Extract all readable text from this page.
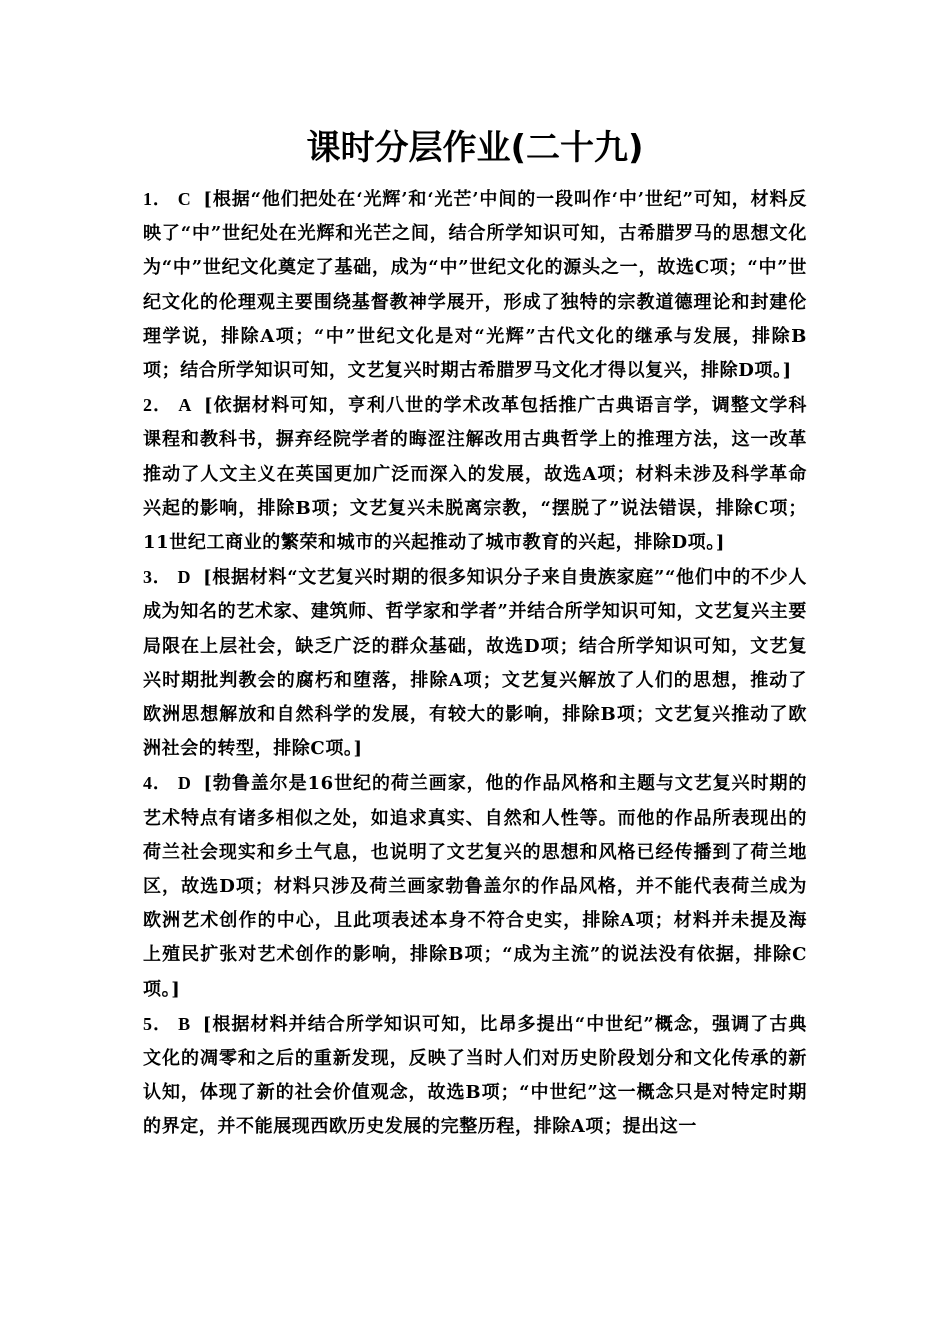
课时分层作业(二十九)

1． C [根据“他们把处在‘光辉’和‘光芒’中间的一段叫作‘中’世纪”可知，材料反映了“中”世纪处在光辉和光芒之间，结合所学知识可知，古希腊罗马的思想文化为“中”世纪文化奠定了基础，成为“中”世纪文化的源头之一，故选C项；“中”世纪文化的伦理观主要围绕基督教神学展开，形成了独特的宗教道德理论和封建伦理学说，排除A项；“中”世纪文化是对“光辉”古代文化的继承与发展，排除B项；结合所学知识可知，文艺复兴时期古希腊罗马文化才得以复兴，排除D项。]

2． A [依据材料可知，亨利八世的学术改革包括推广古典语言学，调整文学科课程和教科书，摒弃经院学者的晦涩注解改用古典哲学上的推理方法，这一改革推动了人文主义在英国更加广泛而深入的发展，故选A项；材料未涉及科学革命兴起的影响，排除B项；文艺复兴未脱离宗教，“摆脱了”说法错误，排除C项；11世纪工商业的繁荣和城市的兴起推动了城市教育的兴起，排除D项。]

3． D [根据材料“文艺复兴时期的很多知识分子来自贵族家庭”“他们中的不少人成为知名的艺术家、建筑师、哲学家和学者”并结合所学知识可知，文艺复兴主要局限在上层社会，缺乏广泛的群众基础，故选D项；结合所学知识可知，文艺复兴时期批判教会的腐朽和堕落，排除A项；文艺复兴解放了人们的思想，推动了欧洲思想解放和自然科学的发展，有较大的影响，排除B项；文艺复兴推动了欧洲社会的转型，排除C项。]

4． D [勃鲁盖尔是16世纪的荷兰画家，他的作品风格和主题与文艺复兴时期的艺术特点有诸多相似之处，如追求真实、自然和人性等。而他的作品所表现出的荷兰社会现实和乡土气息，也说明了文艺复兴的思想和风格已经传播到了荷兰地区，故选D项；材料只涉及荷兰画家勃鲁盖尔的作品风格，并不能代表荷兰成为欧洲艺术创作的中心，且此项表述本身不符合史实，排除A项；材料并未提及海上殖民扩张对艺术创作的影响，排除B项；“成为主流”的说法没有依据，排除C项。]

5． B [根据材料并结合所学知识可知，比昂多提出“中世纪”概念，强调了古典文化的凋零和之后的重新发现，反映了当时人们对历史阶段划分和文化传承的新认知，体现了新的社会价值观念，故选B项；“中世纪”这一概念只是对特定时期的界定，并不能展现西欧历史发展的完整历程，排除A项；提出这一
